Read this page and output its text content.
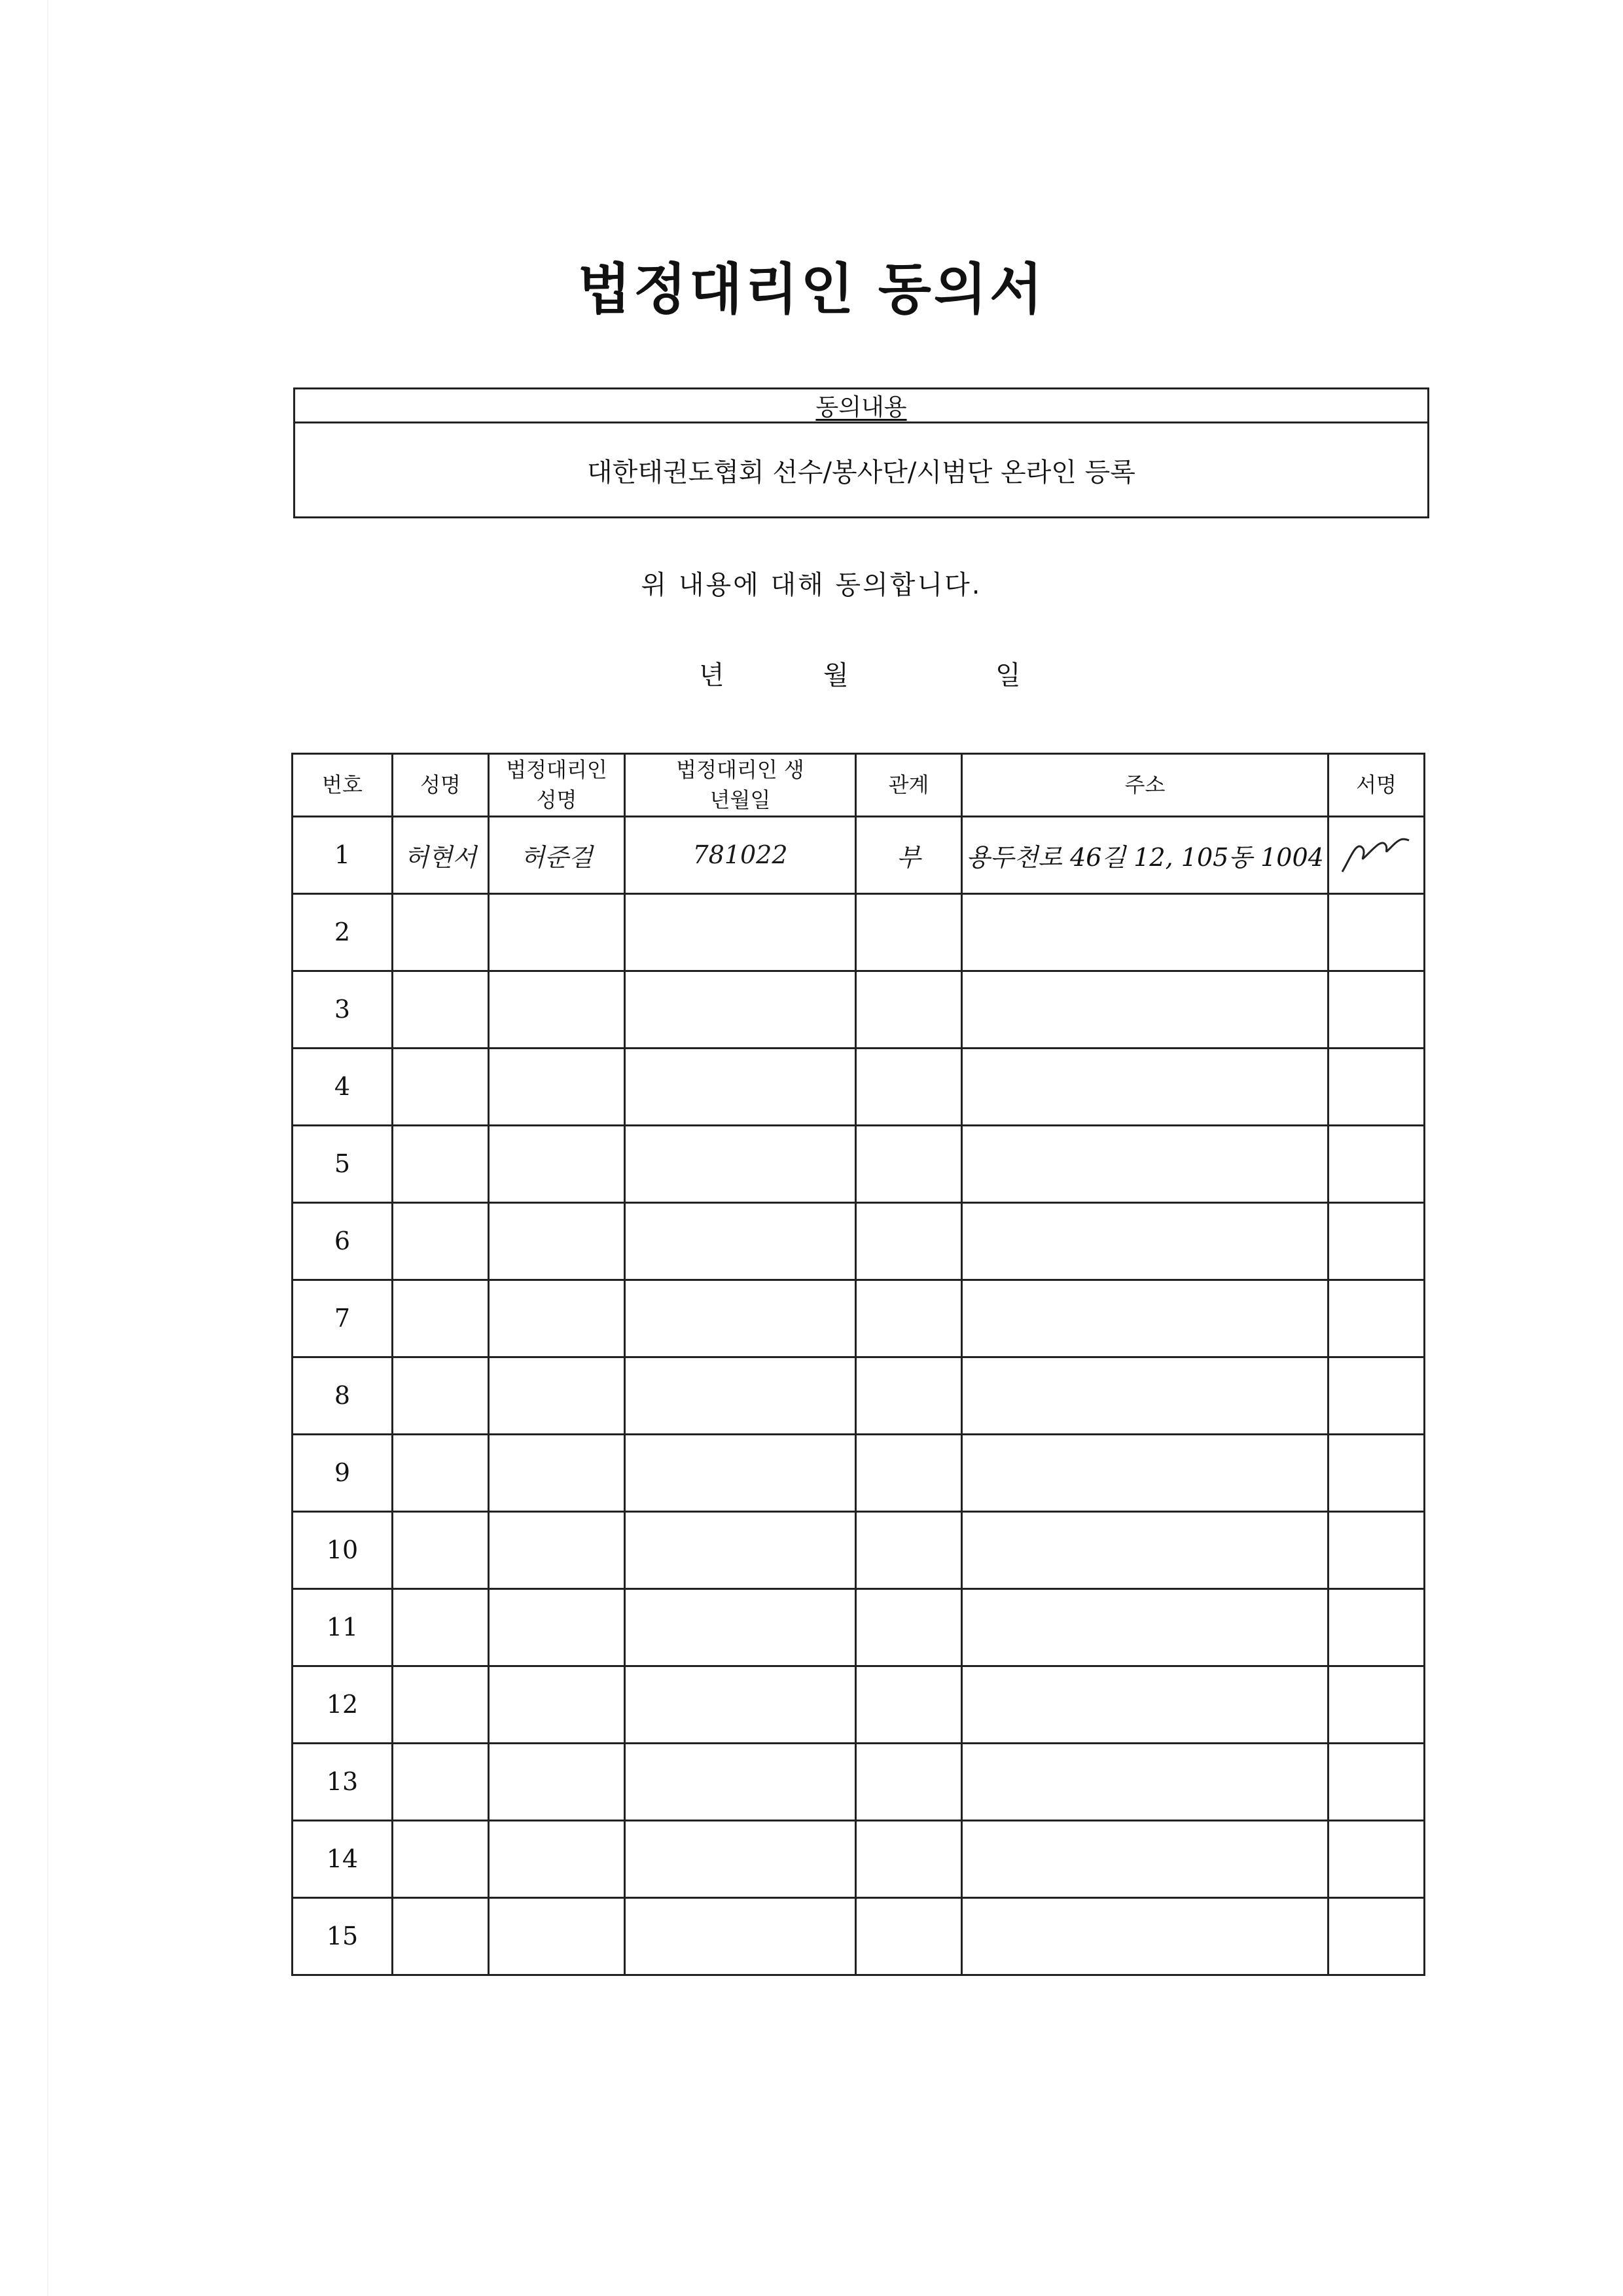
법정대리인 동의서
동의내용
대한태권도협회 선수/봉사단/시범단 온라인 등록
위 내용에 대해 동의합니다.
년	월	일
번호	성명	법정대리인 성명	법정대리인 생년월일	관계	주소	서명
1	허현서	허준걸	781022	부	용두천로 46길 12, 105동 1004	
2						
3						
4						
5						
6						
7						
8						
9						
10						
11						
12						
13						
14						
15						
